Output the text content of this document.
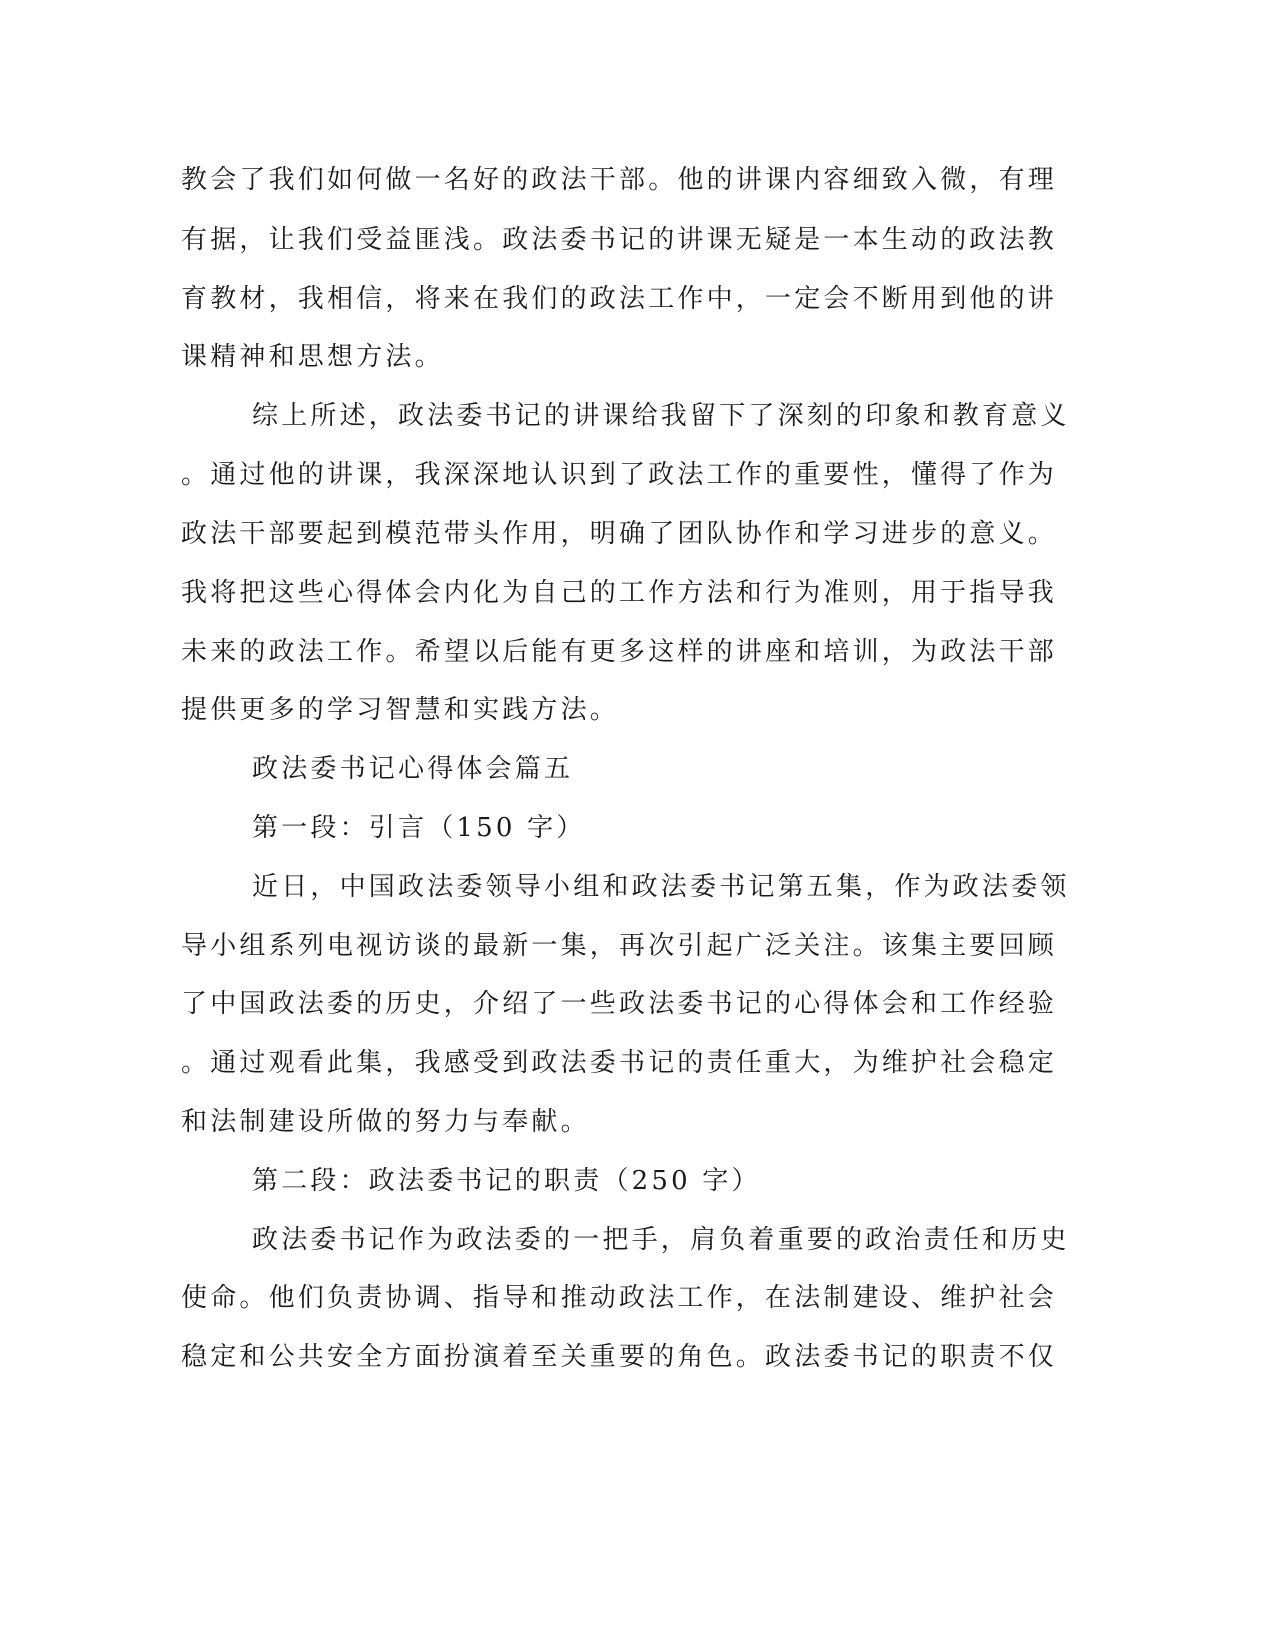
教会了我们如何做一名好的政法干部。他的讲课内容细致入微，有理

有据，让我们受益匪浅。政法委书记的讲课无疑是一本生动的政法教

育教材，我相信，将来在我们的政法工作中，一定会不断用到他的讲

课精神和思想方法。

综上所述，政法委书记的讲课给我留下了深刻的印象和教育意义

。通过他的讲课，我深深地认识到了政法工作的重要性，懂得了作为

政法干部要起到模范带头作用，明确了团队协作和学习进步的意义。

我将把这些心得体会内化为自己的工作方法和行为准则，用于指导我

未来的政法工作。希望以后能有更多这样的讲座和培训，为政法干部

提供更多的学习智慧和实践方法。

政法委书记心得体会篇五

第一段：引言（150 字）

近日，中国政法委领导小组和政法委书记第五集，作为政法委领

导小组系列电视访谈的最新一集，再次引起广泛关注。该集主要回顾

了中国政法委的历史，介绍了一些政法委书记的心得体会和工作经验

。通过观看此集，我感受到政法委书记的责任重大，为维护社会稳定

和法制建设所做的努力与奉献。

第二段：政法委书记的职责（250 字）

政法委书记作为政法委的一把手，肩负着重要的政治责任和历史

使命。他们负责协调、指导和推动政法工作，在法制建设、维护社会

稳定和公共安全方面扮演着至关重要的角色。政法委书记的职责不仅
